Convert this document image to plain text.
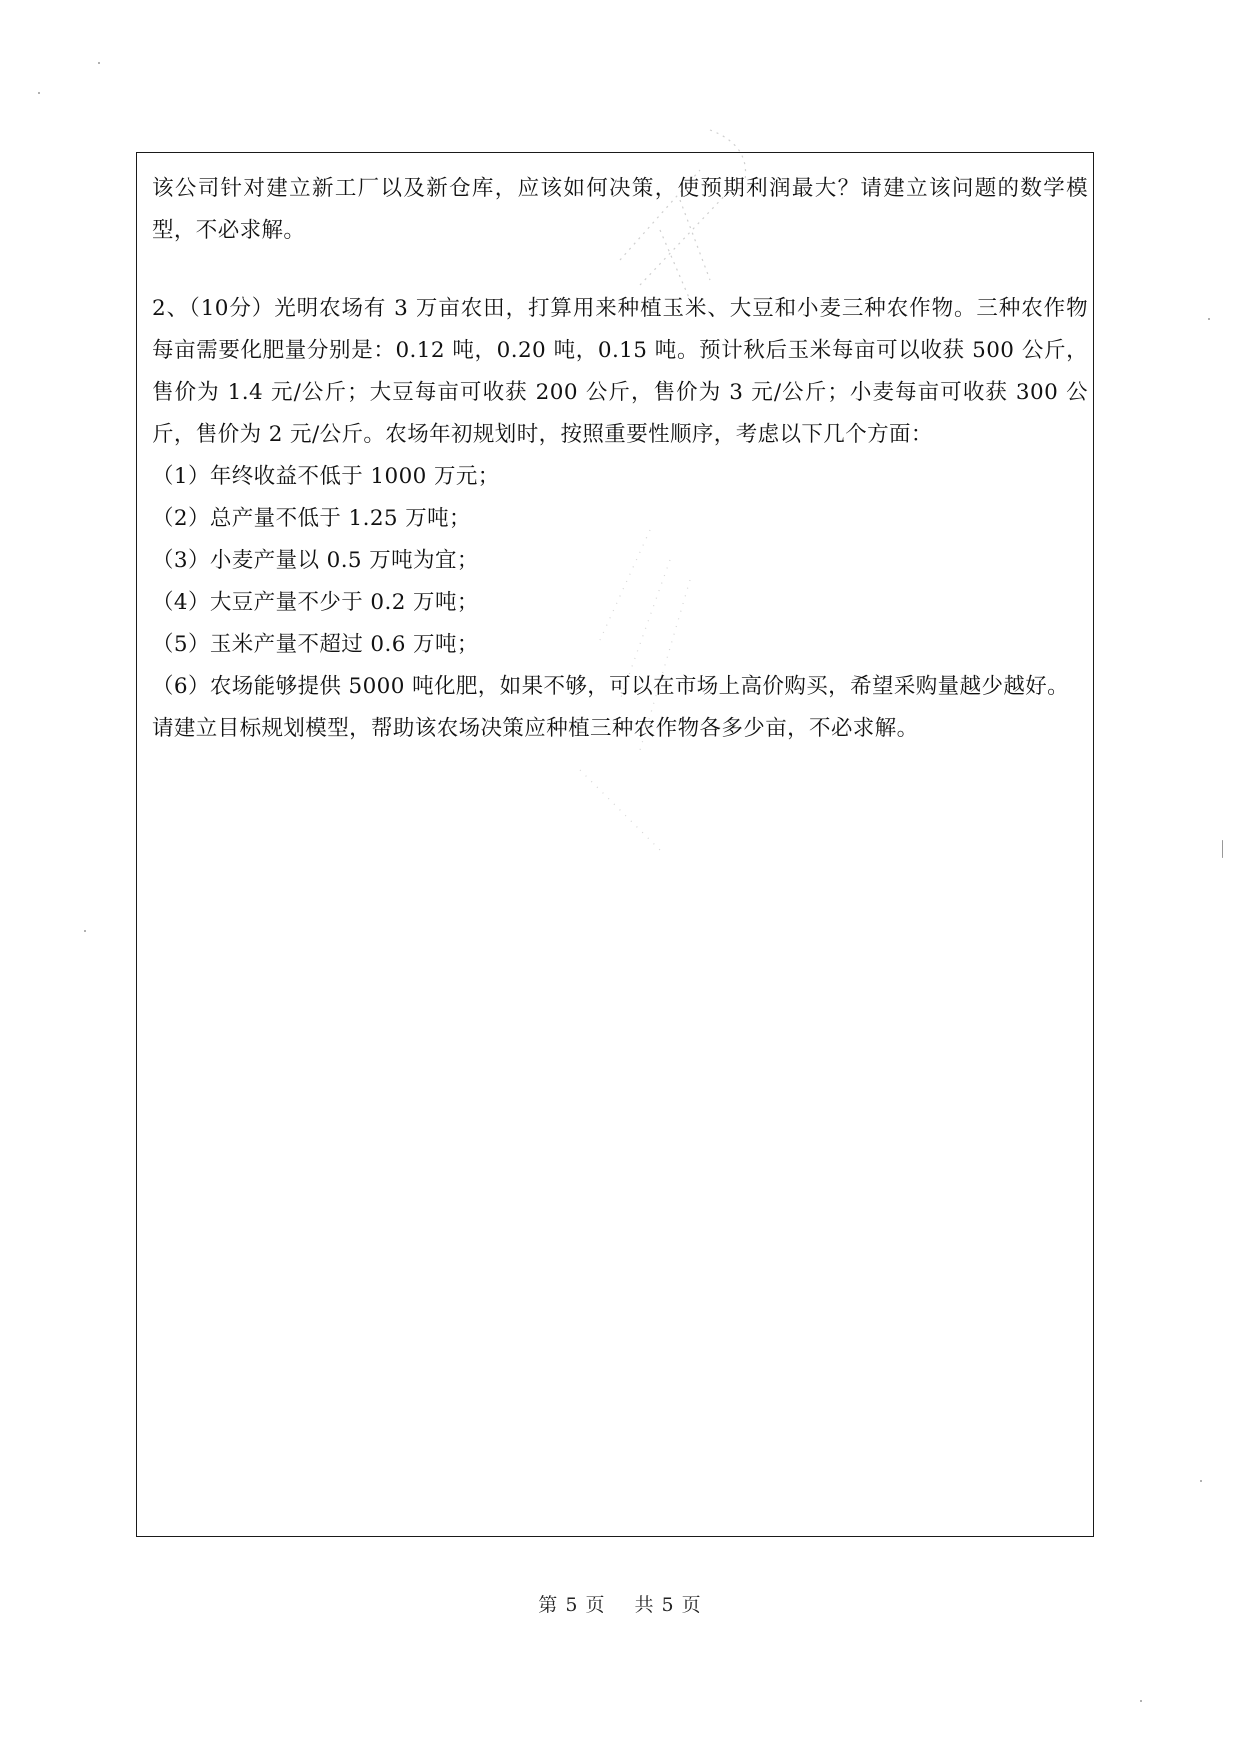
该公司针对建立新工厂以及新仓库，应该如何决策，使预期利润最大？请建立该问题的数学模型，不必求解。

2、（10分）光明农场有 3 万亩农田，打算用来种植玉米、大豆和小麦三种农作物。三种农作物每亩需要化肥量分别是：0.12 吨，0.20 吨，0.15 吨。预计秋后玉米每亩可以收获 500 公斤，售价为 1.4 元/公斤；大豆每亩可收获 200 公斤，售价为 3 元/公斤；小麦每亩可收获 300 公斤，售价为 2 元/公斤。农场年初规划时，按照重要性顺序，考虑以下几个方面：

（1）年终收益不低于 1000 万元；

（2）总产量不低于 1.25 万吨；

（3）小麦产量以 0.5 万吨为宜；

（4）大豆产量不少于 0.2 万吨；

（5）玉米产量不超过 0.6 万吨；

（6）农场能够提供 5000 吨化肥，如果不够，可以在市场上高价购买，希望采购量越少越好。

请建立目标规划模型，帮助该农场决策应种植三种农作物各多少亩，不必求解。

第 5 页 共 5 页
